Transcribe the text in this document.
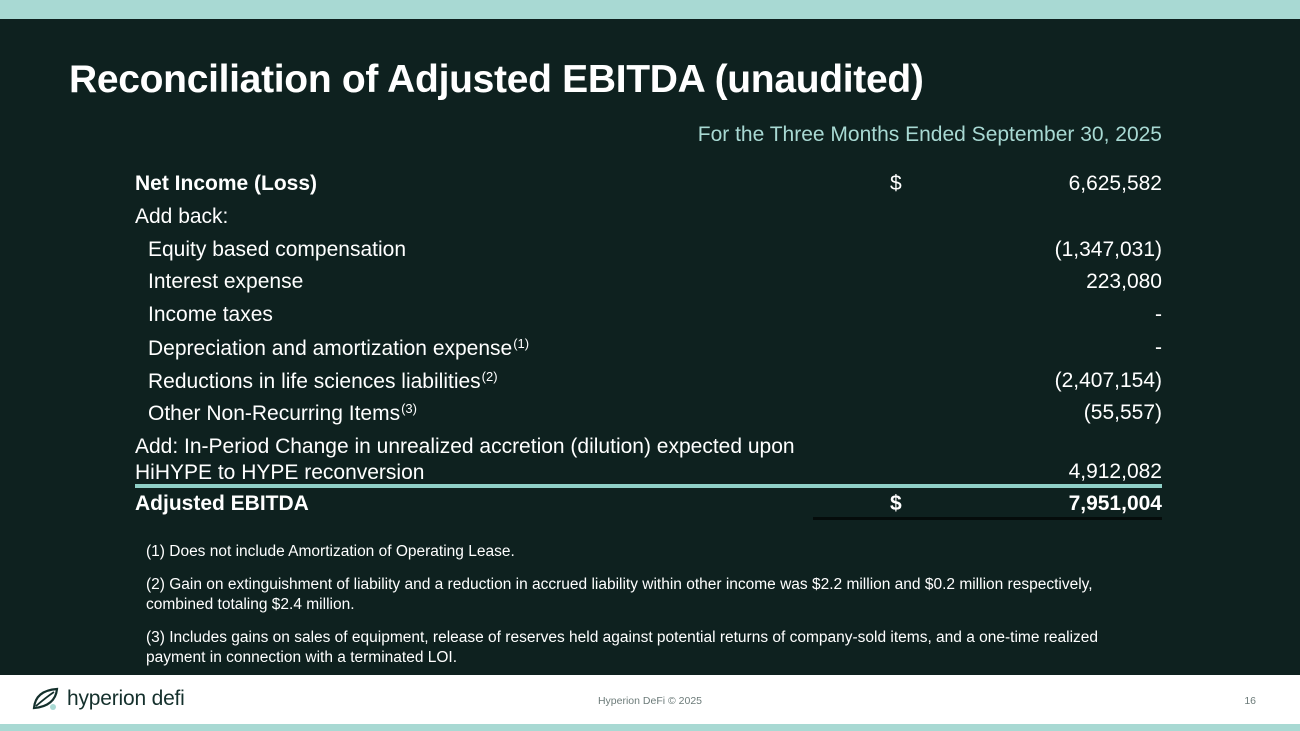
Reconciliation of Adjusted EBITDA (unaudited)
For the Three Months Ended September 30, 2025
Net Income (Loss)	$	6,625,582
Add back:
Equity based compensation	(1,347,031)
Interest expense	223,080
Income taxes	-
Depreciation and amortization expense$^{(1)}$	-
Reductions in life sciences liabilities$^{(2)}$	(2,407,154)
Other Non-Recurring Items$^{(3)}$	(55,557)
Add: In-Period Change in unrealized accretion (dilution) expected upon
HiHYPE to HYPE reconversion	4,912,082
Adjusted EBITDA	$	7,951,004
(1) Does not include Amortization of Operating Lease.
(2) Gain on extinguishment of liability and a reduction in accrued liability within other income was $2.2 million and $0.2 million respectively, combined totaling $2.4 million.
(3) Includes gains on sales of equipment, release of reserves held against potential returns of company-sold items, and a one-time realized payment in connection with a terminated LOI.
hyperion defi	Hyperion DeFi © 2025	16
